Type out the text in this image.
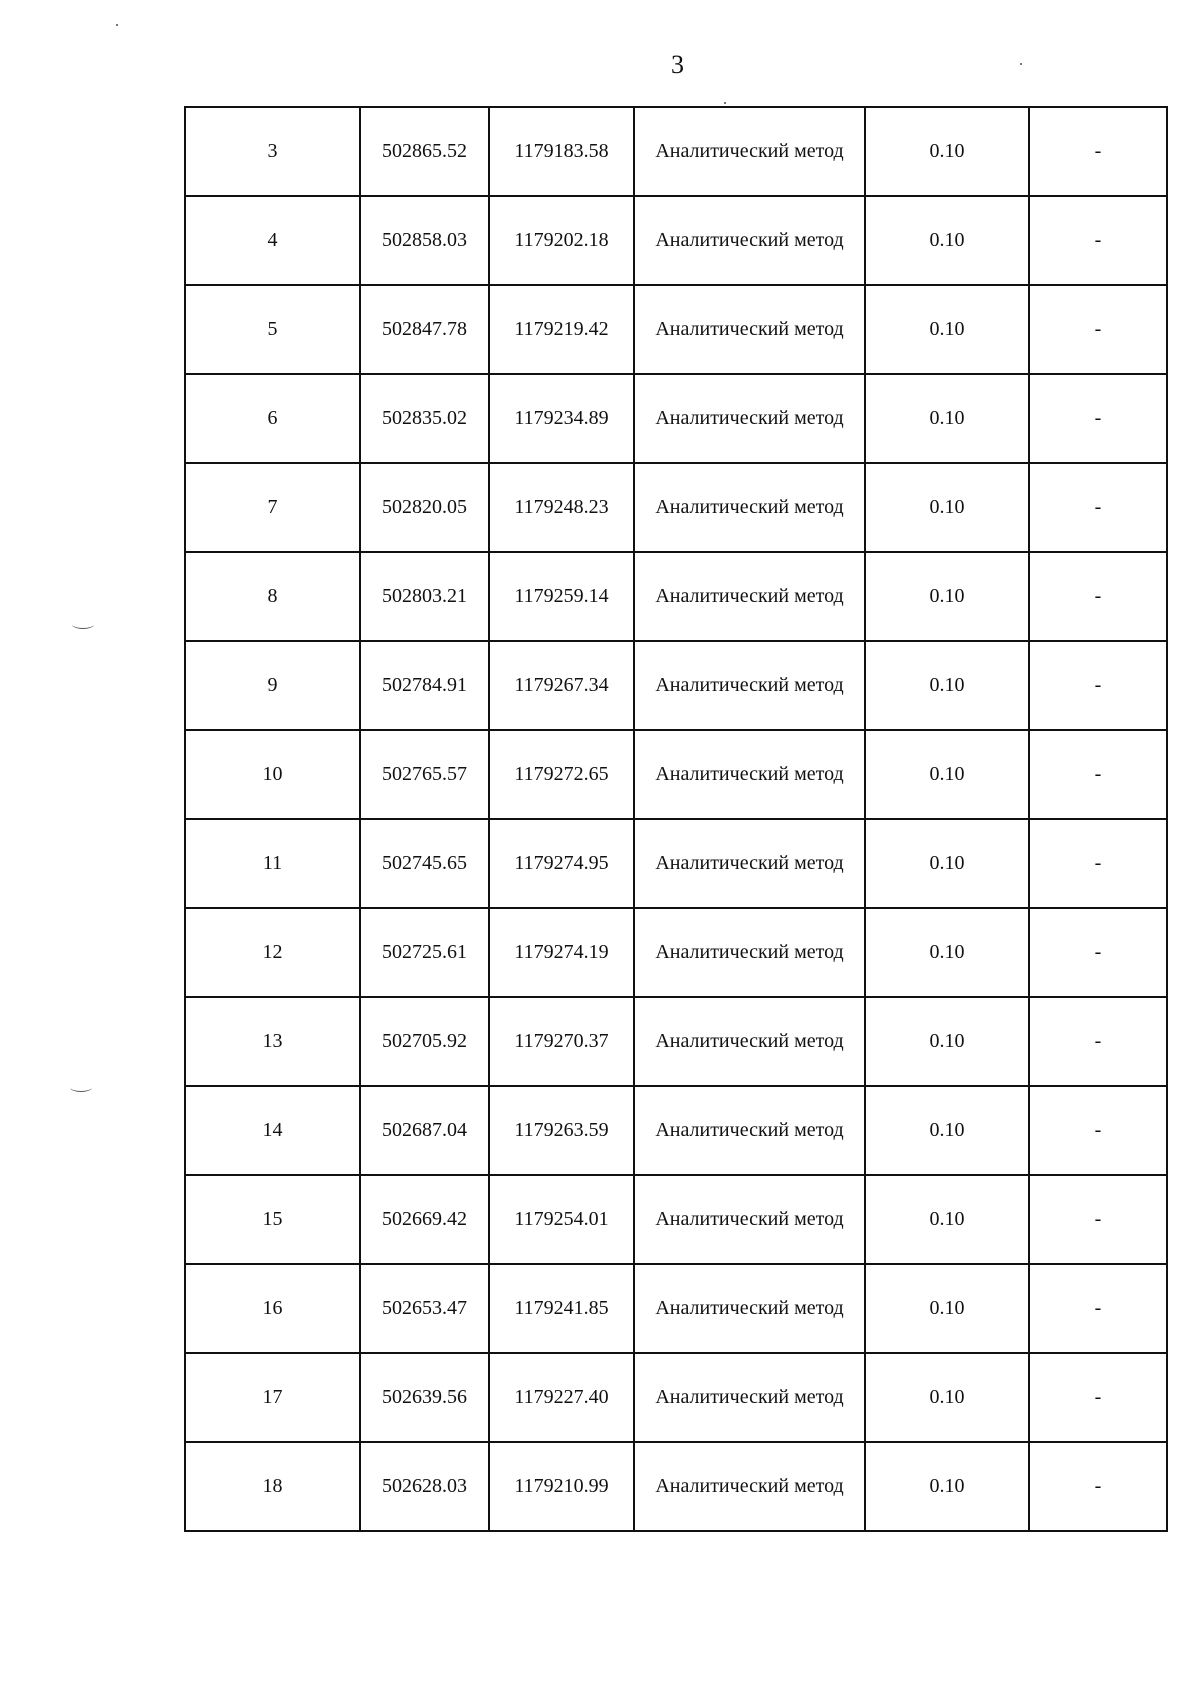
3
3	502865.52	1179183.58	Аналитический метод	0.10	-
4	502858.03	1179202.18	Аналитический метод	0.10	-
5	502847.78	1179219.42	Аналитический метод	0.10	-
6	502835.02	1179234.89	Аналитический метод	0.10	-
7	502820.05	1179248.23	Аналитический метод	0.10	-
8	502803.21	1179259.14	Аналитический метод	0.10	-
9	502784.91	1179267.34	Аналитический метод	0.10	-
10	502765.57	1179272.65	Аналитический метод	0.10	-
11	502745.65	1179274.95	Аналитический метод	0.10	-
12	502725.61	1179274.19	Аналитический метод	0.10	-
13	502705.92	1179270.37	Аналитический метод	0.10	-
14	502687.04	1179263.59	Аналитический метод	0.10	-
15	502669.42	1179254.01	Аналитический метод	0.10	-
16	502653.47	1179241.85	Аналитический метод	0.10	-
17	502639.56	1179227.40	Аналитический метод	0.10	-
18	502628.03	1179210.99	Аналитический метод	0.10	-
